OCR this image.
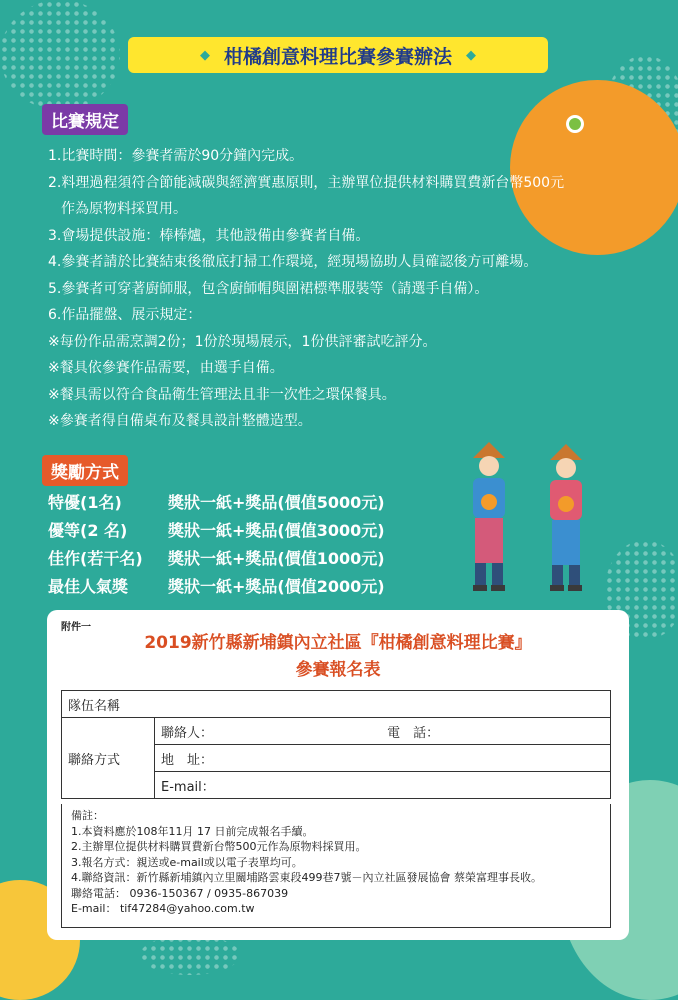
◆ 柑橘創意料理比賽參賽辦法 ◆
比賽規定
1.比賽時間：參賽者需於90分鐘內完成。
2.料理過程須符合節能減碳與經濟實惠原則，主辦單位提供材料購買費新台幣500元
作為原物料採買用。
3.會場提供設施：棒棒爐，其他設備由參賽者自備。
4.參賽者請於比賽結束後徹底打掃工作環境，經現場協助人員確認後方可離場。
5.參賽者可穿著廚師服，包含廚師帽與圍裙標準服裝等（請選手自備）。
6.作品擺盤、展示規定：
※每份作品需烹調2份；1份於現場展示，1份供評審試吃評分。
※餐具依參賽作品需要，由選手自備。
※餐具需以符合食品衛生管理法且非一次性之環保餐具。
※參賽者得自備桌布及餐具設計整體造型。
獎勵方式
特優(1名)	獎狀一紙+獎品(價值5000元)
優等(2 名)	獎狀一紙+獎品(價值3000元)
佳作(若干名)	獎狀一紙+獎品(價值1000元)
最佳人氣獎	獎狀一紙+獎品(價值2000元)
附件一
2019新竹縣新埔鎮內立社區『柑橘創意料理比賽』
參賽報名表
隊伍名稱
聯絡方式	聯絡人：	電　話：
地　址：
E-mail：
備註：
1.本資料應於108年11月 17 日前完成報名手續。
2.主辦單位提供材料購買費新台幣500元作為原物料採買用。
3.報名方式：親送或e-mail或以電子表單均可。
4.聯絡資訊：新竹縣新埔鎮內立里關埔路雲東段499巷7號－內立社區發展協會 蔡榮富理事長收。
聯絡電話： 0936-150367 / 0935-867039
E-mail： tif47284@yahoo.com.tw
